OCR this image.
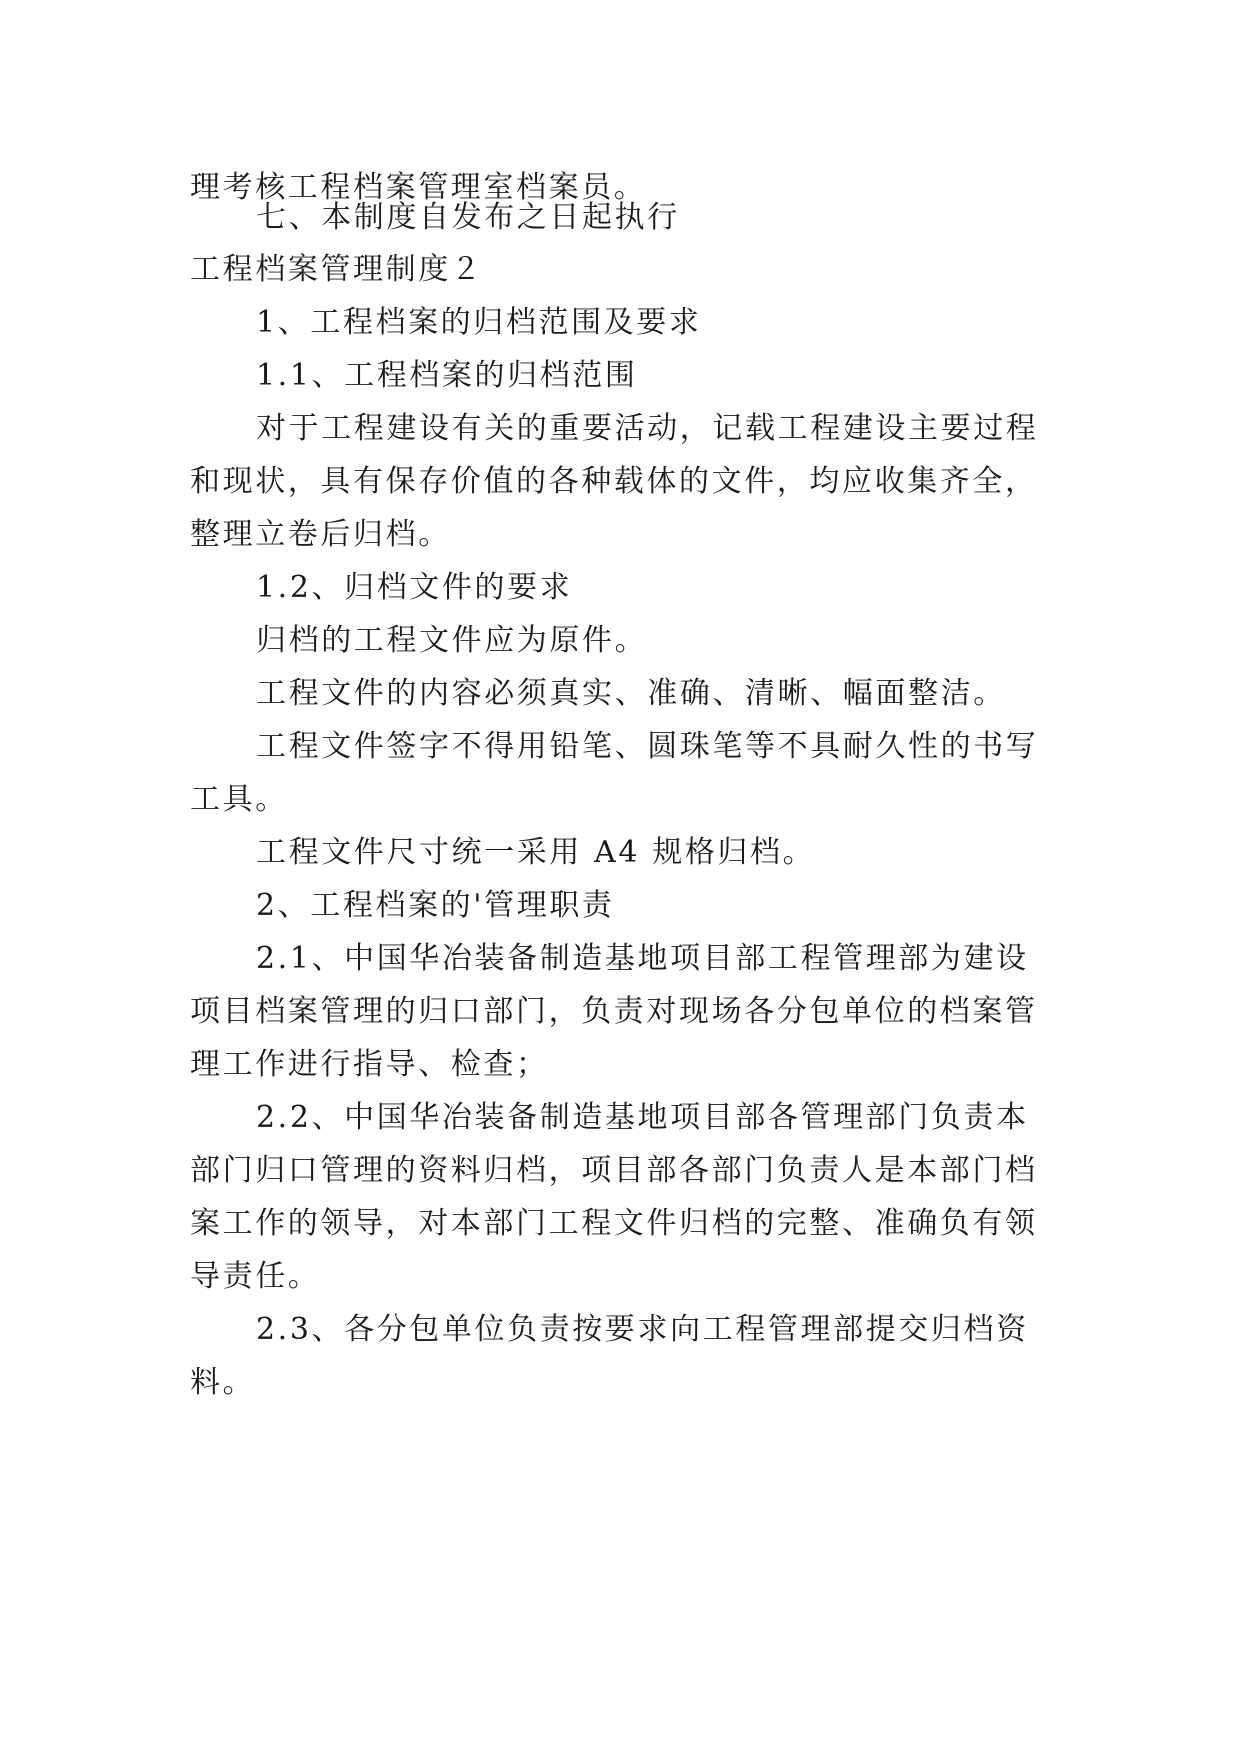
理考核工程档案管理室档案员。
七、本制度自发布之日起执行
工程档案管理制度２
1、工程档案的归档范围及要求
1.1、工程档案的归档范围
对于工程建设有关的重要活动，记载工程建设主要过程
和现状，具有保存价值的各种载体的文件，均应收集齐全，
整理立卷后归档。
1.2、归档文件的要求
归档的工程文件应为原件。
工程文件的内容必须真实、准确、清晰、幅面整洁。
工程文件签字不得用铅笔、圆珠笔等不具耐久性的书写
工具。
工程文件尺寸统一采用 A4 规格归档。
2、工程档案的'管理职责
2.1、中国华冶装备制造基地项目部工程管理部为建设
项目档案管理的归口部门，负责对现场各分包单位的档案管
理工作进行指导、检查；
2.2、中国华冶装备制造基地项目部各管理部门负责本
部门归口管理的资料归档，项目部各部门负责人是本部门档
案工作的领导，对本部门工程文件归档的完整、准确负有领
导责任。
2.3、各分包单位负责按要求向工程管理部提交归档资
料。
